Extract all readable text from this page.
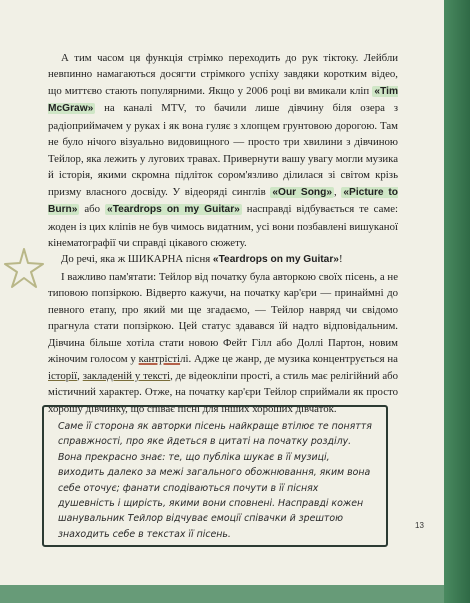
А тим часом ця функція стрімко переходить до рук тіктоку. Лейбли невпинно намагаються досягти стрімкого успіху завдяки коротким відео, що миттєво стають популярними. Якщо у 2006 році ви вмикали кліп «Tim McGraw» на каналі MTV, то бачили лише дівчину біля озера з радіоприймачем у руках і як вона гуляє з хлопцем грунтовою дорогою. Там не було нічого візуально видовищного — просто три хвилини з дівчиною Тейлор, яка лежить у лугових травах. Привернути вашу увагу могли музика й історія, якими скромна підліток сором'язливо ділилася зі світом крізь призму власного досвіду. У відеорядi синглів «Our Song» , «Picture to Burn» або «Teardrops on my Guitar» насправді відбувається те саме: жоден із цих кліпів не був чимось видатним, усі вони позбавлені вишуканої кінематографії чи справді цікавого сюжету.

До речі, яка ж ШИКАРНА пісня «Teardrops on my Guitar»!

І важливо пам'ятати: Тейлор від початку була авторкою своїх пісень, а не типовою попзіркою. Відверто кажучи, на початку кар'єри — принаймні до певного етапу, про який ми ще згадаємо, — Тейлор навряд чи свідомо прагнула стати попзіркою. Цей статус здавався їй надто відповідальним. Дівчина більше хотіла стати новою Фейт Гілл або Доллі Партон, новим жіночим голосом у кантрістілі. Адже це жанр, де музика концентрується на історії, закладеній у тексті, де відеокліпи прості, а стиль має релігійний або містичний характер. Отже, на початку кар'єри Тейлор сприймали як просто хорошу дівчинку, що співає пісні для інших хороших дівчаток.

Саме її сторона як авторки пісень найкраще втілює те поняття справжності, про яке йдеться в цитаті на початку розділу. Вона прекрасно знає: те, що публіка шукає в її музиці, виходить далеко за межі загального обожнювання, яким вона себе оточує; фанати сподіваються почути в її піснях душевність і щирість, якими вони сповнені. Насправді кожен шанувальник Тейлор відчуває емоції співачки й зрештою знаходить себе в текстах її пісень.
13
